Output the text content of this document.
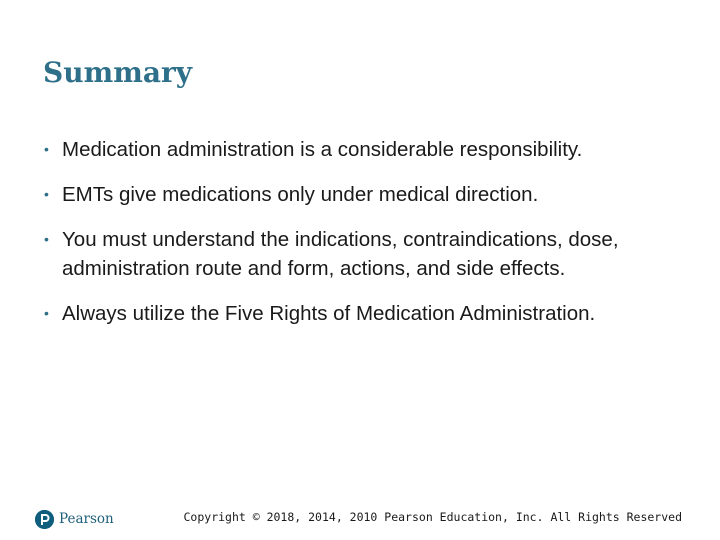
Summary
• Medication administration is a considerable responsibility.
• EMTs give medications only under medical direction.
• You must understand the indications, contraindications, dose, administration route and form, actions, and side effects.
• Always utilize the Five Rights of Medication Administration.
Pearson	Copyright © 2018, 2014, 2010 Pearson Education, Inc. All Rights Reserved
